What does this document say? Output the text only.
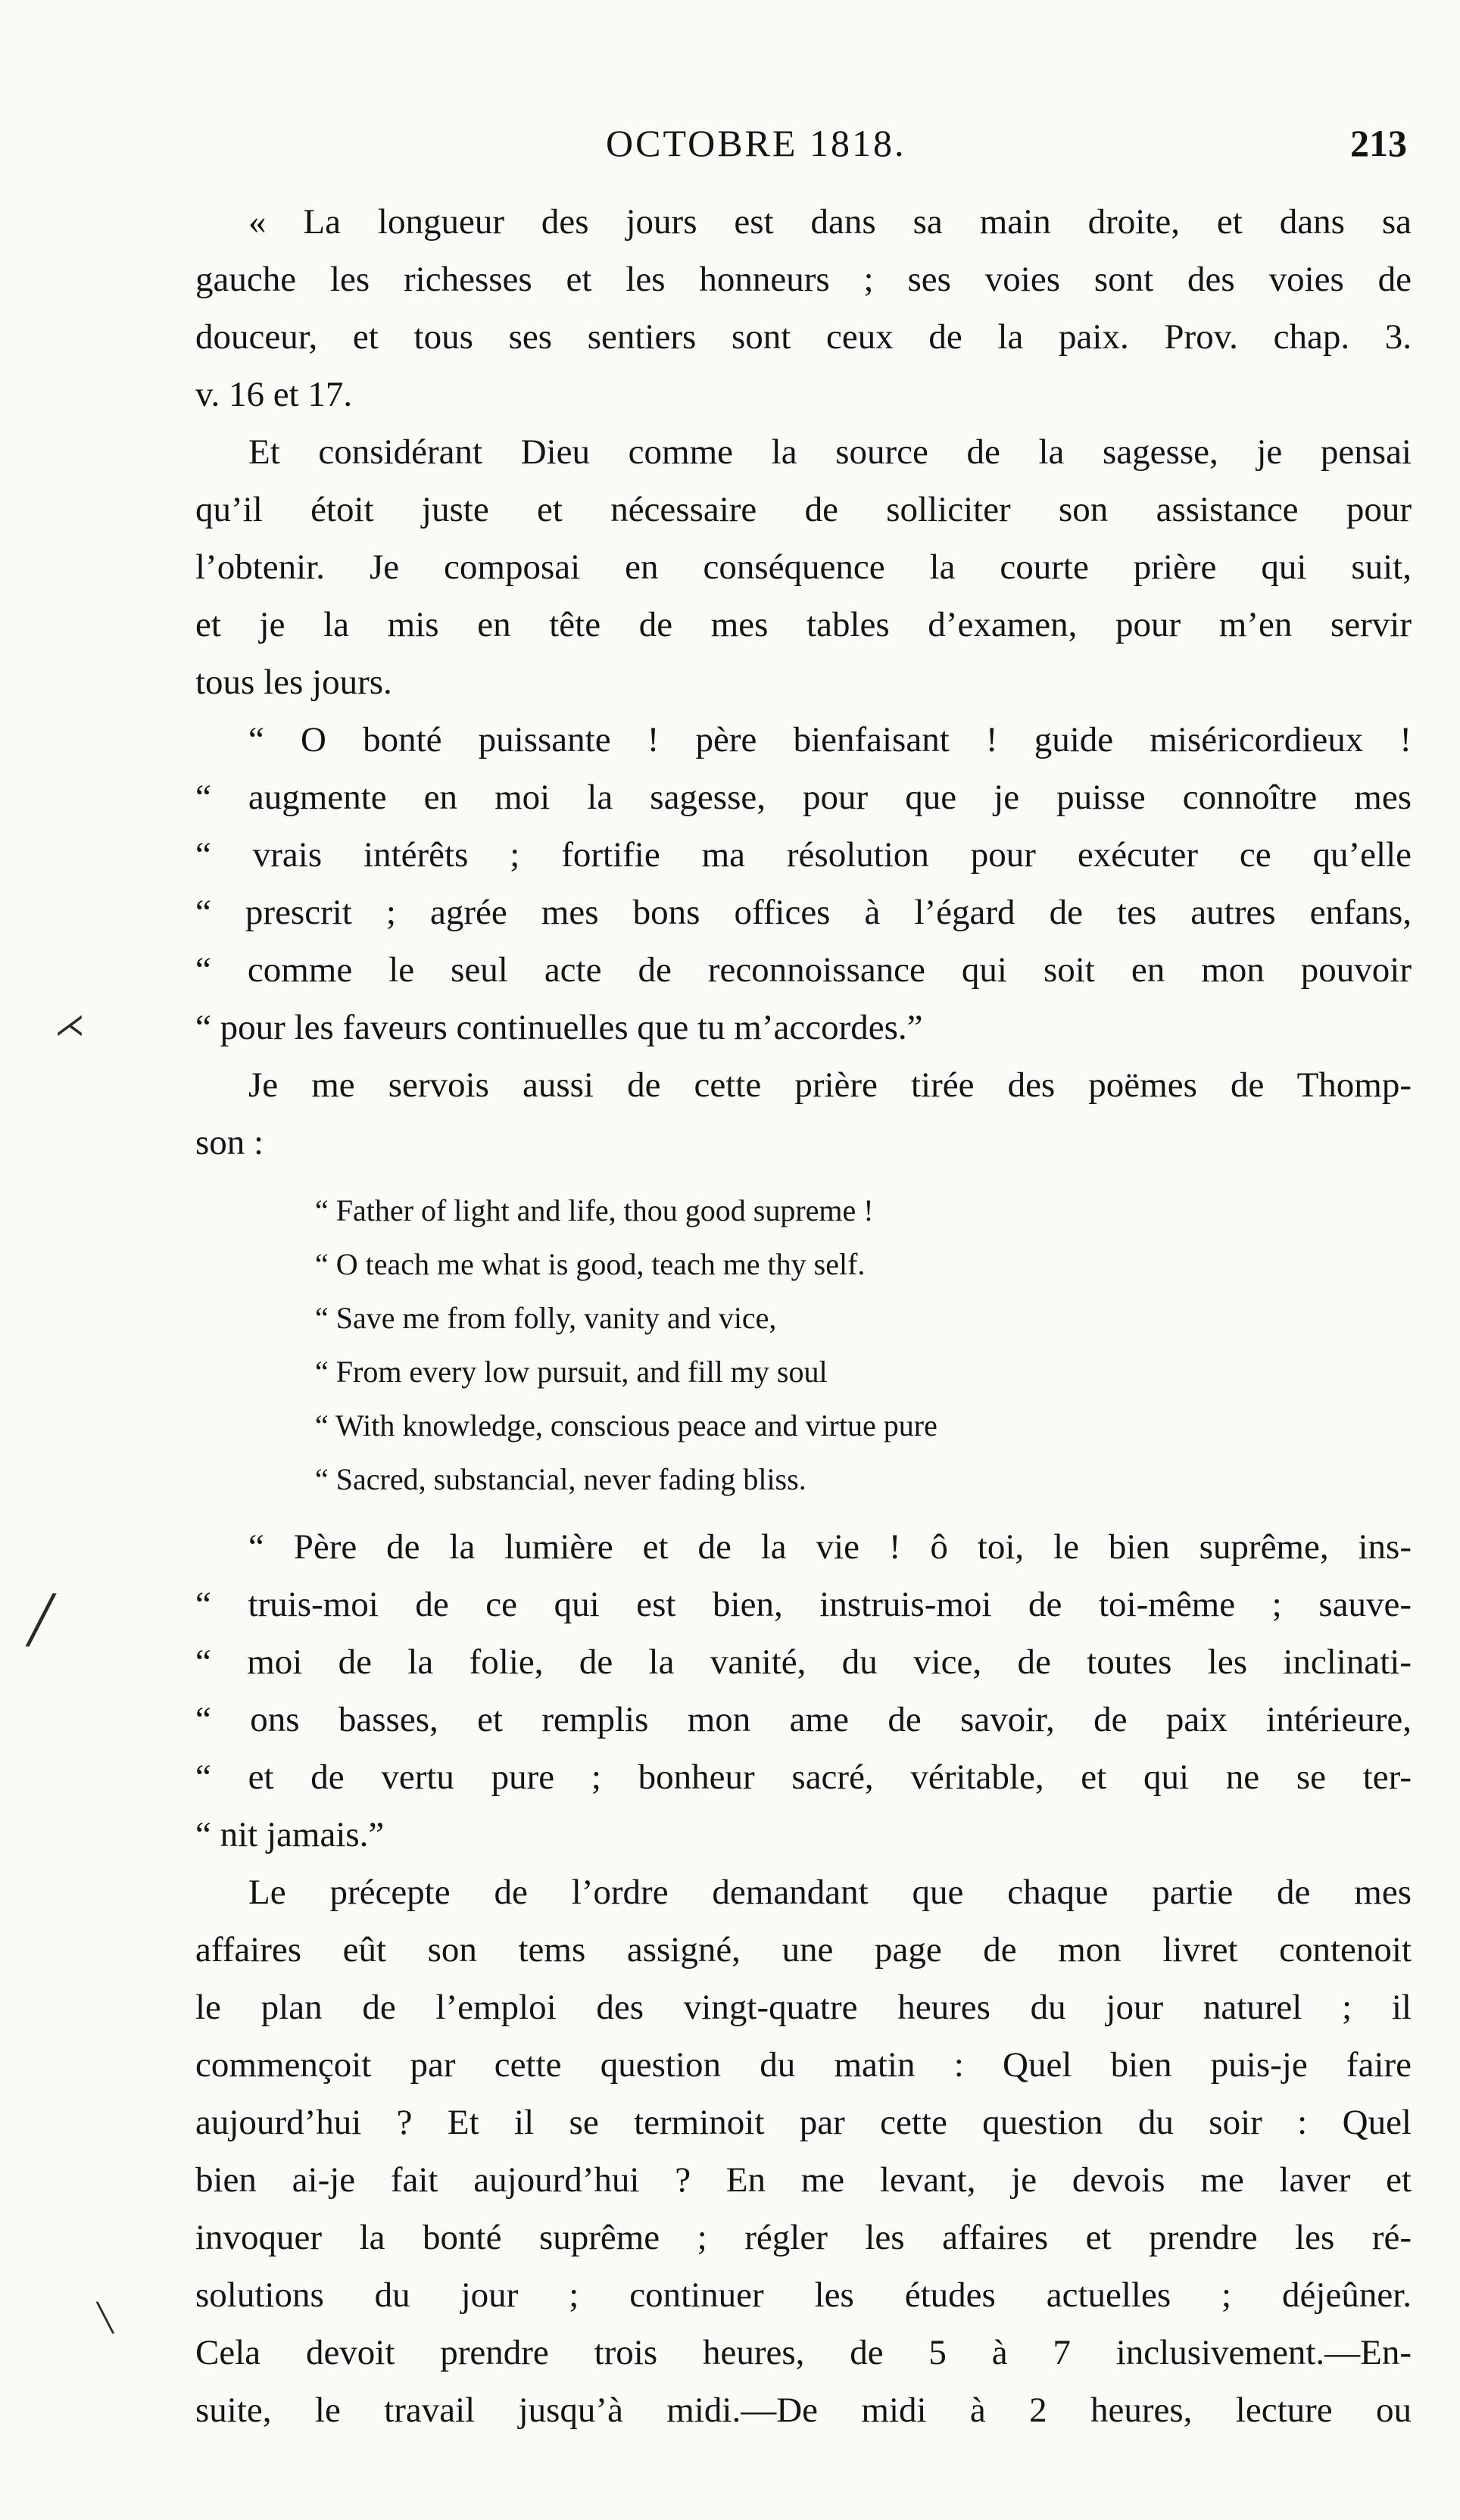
OCTOBRE 1818.	213
⋌
╱
╲
« La longueur des jours est dans sa main droite, et dans sa
gauche les richesses et les honneurs ; ses voies sont des voies de
douceur, et tous ses sentiers sont ceux de la paix. Prov. chap. 3.
v. 16 et 17.
Et considérant Dieu comme la source de la sagesse, je pensai
qu’il étoit juste et nécessaire de solliciter son assistance pour
l’obtenir. Je composai en conséquence la courte prière qui suit,
et je la mis en tête de mes tables d’examen, pour m’en servir
tous les jours.
“ O bonté puissante ! père bienfaisant ! guide miséricordieux !
“ augmente en moi la sagesse, pour que je puisse connoître mes
“ vrais intérêts ; fortifie ma résolution pour exécuter ce qu’elle
“ prescrit ; agrée mes bons offices à l’égard de tes autres enfans,
“ comme le seul acte de reconnoissance qui soit en mon pouvoir
“ pour les faveurs continuelles que tu m’accordes.”
Je me servois aussi de cette prière tirée des poëmes de Thomp-
son :
“ Father of light and life, thou good supreme !
“ O teach me what is good, teach me thy self.
“ Save me from folly, vanity and vice,
“ From every low pursuit, and fill my soul
“ With knowledge, conscious peace and virtue pure
“ Sacred, substancial, never fading bliss.
“ Père de la lumière et de la vie ! ô toi, le bien suprême, ins-
“ truis-moi de ce qui est bien, instruis-moi de toi-même ; sauve-
“ moi de la folie, de la vanité, du vice, de toutes les inclinati-
“ ons basses, et remplis mon ame de savoir, de paix intérieure,
“ et de vertu pure ; bonheur sacré, véritable, et qui ne se ter-
“ nit jamais.”
Le précepte de l’ordre demandant que chaque partie de mes
affaires eût son tems assigné, une page de mon livret contenoit
le plan de l’emploi des vingt-quatre heures du jour naturel ; il
commençoit par cette question du matin : Quel bien puis-je faire
aujourd’hui ? Et il se terminoit par cette question du soir : Quel
bien ai-je fait aujourd’hui ? En me levant, je devois me laver et
invoquer la bonté suprême ; régler les affaires et prendre les ré-
solutions du jour ; continuer les études actuelles ; déjeûner.
Cela devoit prendre trois heures, de 5 à 7 inclusivement.—En-
suite, le travail jusqu’à midi.—De midi à 2 heures, lecture ou
